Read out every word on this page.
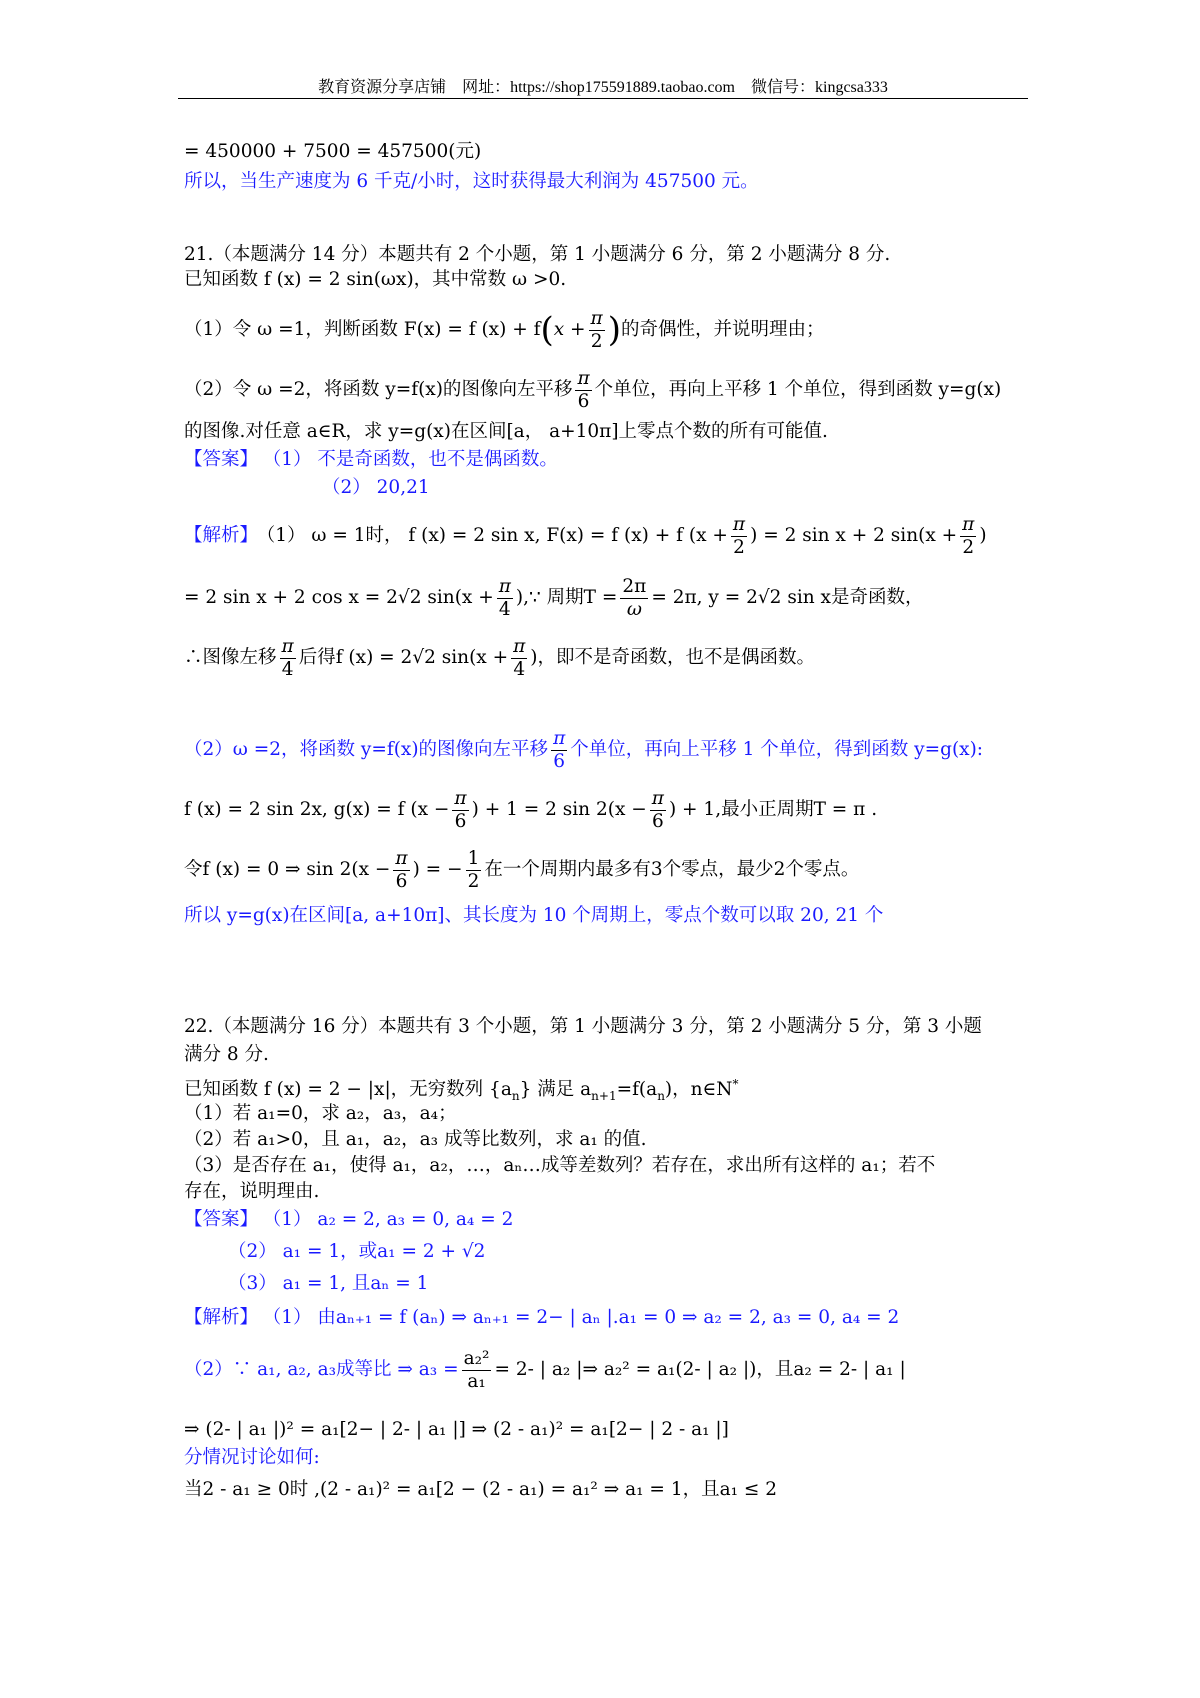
教育资源分享店铺 网址：https://shop175591889.taobao.com 微信号：kingcsa333
= 450000 + 7500 = 457500(元)
所以，当生产速度为 6 千克/小时，这时获得最大利润为 457500 元。
21.（本题满分 14 分）本题共有 2 个小题，第 1 小题满分 6 分，第 2 小题满分 8 分.
已知函数 f (x) = 2 sin(ωx)，其中常数 ω >0.
（1）令 ω =1，判断函数 F(x) = f $(x) + f(x + \frac{\pi}{2}$ )的奇偶性，并说明理由；
（2）令 ω =2，将函数 y=f(x)的图像向左平移 $\frac{\pi}{6}$ 个单位，再向上平移 1 个单位，得到函数 y=g(x)
的图像.对任意 a∈R，求 y=g(x)在区间[a， a+10π]上零点个数的所有可能值.
【答案】 （1） 不是奇函数，也不是偶函数。
（2） 20,21
【解析】 （1） ω = 1时， f (x) = 2 sin x, F(x) = f (x) + f ($x + \frac{\pi}{2}$ ) = 2 sin x + 2 $\sin(x + \frac{\pi}{2}$ )
= 2 sin x + 2 cos x = 2√2 $\sin(x + \frac{\pi}{4}$ ),∵ 周期$T = \frac{2\pi}{\omega} = 2\pi$, y = 2√2 sin x是奇函数，
∴图像左移 $\frac{\pi}{4}$ 后得f (x) = 2√2 $\sin(x + \frac{\pi}{4}$ )，即不是奇函数，也不是偶函数。
（2）ω =2，将函数 y=f(x)的图像向左平移 $\frac{\pi}{6}$ 个单位，再向上平移 1 个单位，得到函数 y=g(x):
f (x) = 2 sin 2x, g(x) = f ($x - \frac{\pi}{6}$ ) + 1 = 2 $\sin 2(x - \frac{\pi}{6}$ ) + 1,最小正周期T = π .
令f (x) = 0 ⇒ $\sin 2(x - \frac{\pi}{6}$ ) = − $\frac{1}{2}$ 在一个周期内最多有3个零点，最少2个零点。
所以 y=g(x)在区间[a, a+10π]、其长度为 10 个周期上，零点个数可以取 20, 21 个
22.（本题满分 16 分）本题共有 3 个小题，第 1 小题满分 3 分，第 2 小题满分 5 分，第 3 小题
满分 8 分.
已知函数 f (x) = 2 − |x|，无穷数列 $\{a_n\}$ 满足 $a_{n+1}=f(a_n)$，n∈N*
（1）若 a₁=0，求 a₂，a₃，a₄；
（2）若 a₁>0，且 a₁，a₂，a₃ 成等比数列，求 a₁ 的值.
（3）是否存在 a₁，使得 a₁，a₂，…，aₙ…成等差数列？若存在，求出所有这样的 a₁；若不
存在，说明理由.
【答案】 （1） a₂ = 2, a₃ = 0, a₄ = 2
（2） a₁ = 1，或a₁ = 2 + √2
（3） a₁ = 1, 且aₙ = 1
【解析】 （1） 由aₙ₊₁ = f (aₙ) ⇒ aₙ₊₁ = 2− | aₙ |.a₁ = 0 ⇒ a₂ = 2, a₃ = 0, a₄ = 2
（2）∵ a₁, a₂, a₃成等比 ⇒ $a_3 = \frac{\text{a₂²}}{\text{a₁}} = 2-$ | a₂ |⇒ a₂² = a₁(2- | a₂ |)，且a₂ = 2- | a₁ |
⇒ (2- | a₁ |)² = a₁[2− | 2- | a₁ |] ⇒ (2 - a₁)² = a₁[2− | 2 - a₁ |]
分情况讨论如何:
当2 - a₁ ≥ 0时 ,(2 - a₁)² = a₁[2 − (2 - a₁) = a₁² ⇒ a₁ = 1，且a₁ ≤ 2
